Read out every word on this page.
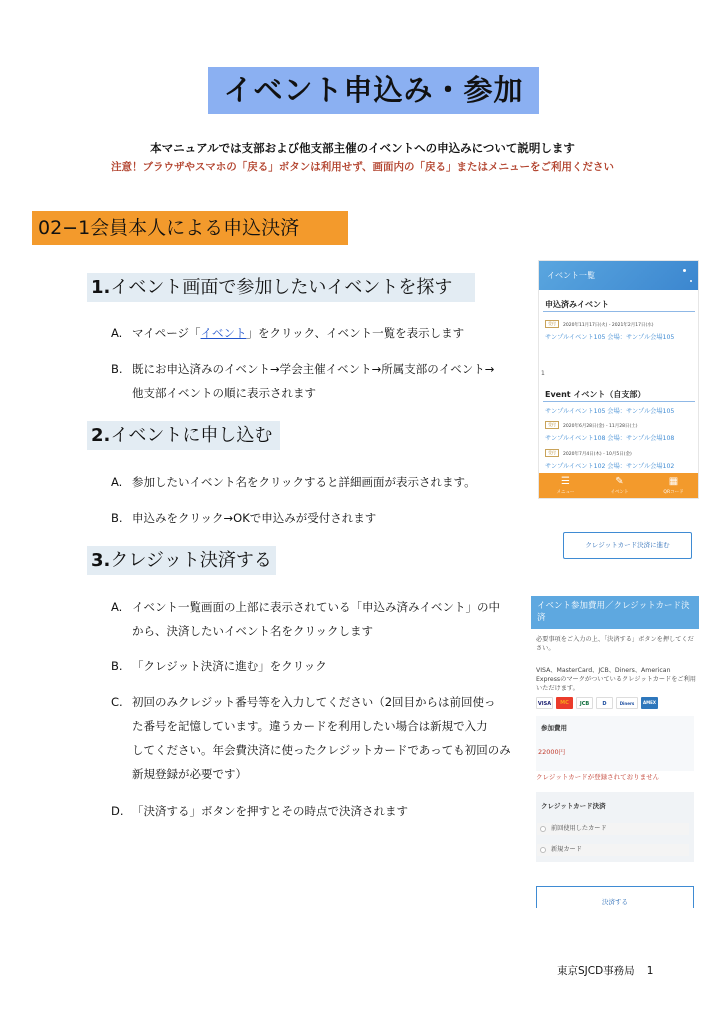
イベント申込み・参加
本マニュアルでは支部および他支部主催のイベントへの申込みについて説明します
注意！ブラウザやスマホの「戻る」ボタンは利用せず、画面内の「戻る」またはメニューをご利用ください
02−1会員本人による申込決済
1.イベント画面で参加したいイベントを探す
A. マイページ「イベント」をクリック、イベント一覧を表示します
B. 既にお申込済みのイベント→学会主催イベント→所属支部のイベント→
他支部イベントの順に表示されます
2.イベントに申し込む
A. 参加したいイベント名をクリックすると詳細画面が表示されます。
B. 申込みをクリック→OKで申込みが受付されます
3.クレジット決済する
A. イベント一覧画面の上部に表示されている「申込み済みイベント」の中
から、決済したいイベント名をクリックします
B. 「クレジット決済に進む」をクリック
C. 初回のみクレジット番号等を入力してください（2回目からは前回使っ
た番号を記憶しています。違うカードを利用したい場合は新規で入力
してください。年会費決済に使ったクレジットカードであっても初回のみ
新規登録が必要です）
D. 「決済する」ボタンを押すとその時点で決済されます
イベント一覧
申込済みイベント
受付	2020年11月17日(火) - 2021年2月17日(水)
サンプルイベント105 会場：サンプル会場105
Event イベント（自支部）
サンプルイベント105 会場：サンプル会場105
受付	2020年6月28日(金) - 11月28日(土)
サンプルイベント108 会場：サンプル会場108
受付	2020年7月4日(木) - 10月5日(金)
サンプルイベント102 会場：サンプル会場102
☰
メニュー
✎
イベント
▦
QRコード
1
クレジットカード決済に進む
イベント参加費用／クレジットカード決済
必要事項をご入力の上、「決済する」ボタンを押してください。
VISA、MasterCard、JCB、Diners、American Expressのマークがついているクレジットカードをご利用いただけます。
参加費用
22000円
クレジットカードが登録されておりません
クレジットカード決済
前回使用したカード
新規カード
VISA	MC	JCB	D	Diners	AMEX
決済する
東京SJCD事務局 1
